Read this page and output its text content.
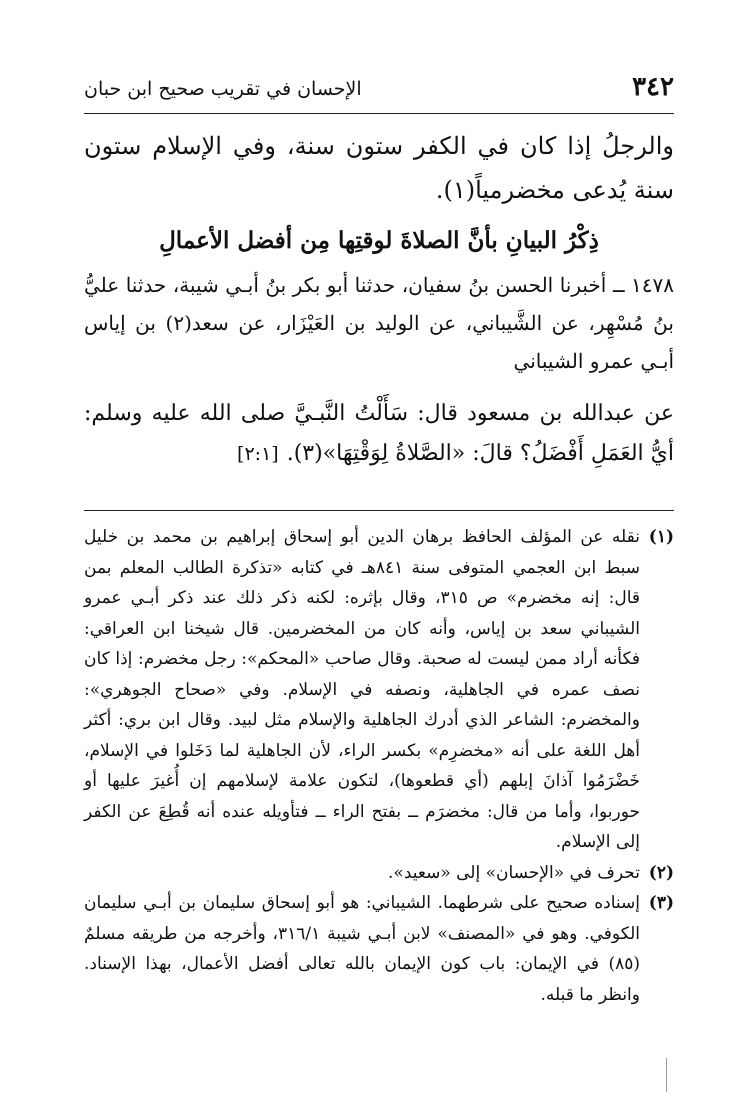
٣٤٢
الإحسان في تقريب صحيح ابن حبان

والرجلُ إذا كان في الكفر ستون سنة، وفي الإسلام ستون سنة يُدعى مخضرمياً(١).

ذِكْرُ البيانِ بأنَّ الصلاةَ لوقتِها مِن أفضل الأعمالِ

١٤٧٨ ــ أخبرنا الحسن بنُ سفيان، حدثنا أبو بكر بنُ أبـي شيبة، حدثنا عليُّ بنُ مُسْهِر، عن الشَّيباني، عن الوليد بن العَيْزَار، عن سعد(٢) بن إياس أبـي عمرو الشيباني

عن عبدالله بن مسعود قال: سَأَلْتُ النَّبـيَّ صلى الله عليه وسلم: أيُّ العَمَلِ أَفْضَلُ؟ قالَ: «الصَّلاةُ لِوَقْتِهَا»(٣).[٢:١]

(١)
نقله عن المؤلف الحافظ برهان الدين أبو إسحاق إبراهيم بن محمد بن خليل سبط ابن العجمي المتوفى سنة ٨٤١هـ في كتابه «تذكرة الطالب المعلم بمن قال: إنه مخضرم» ص ٣١٥، وقال بإثره: لكنه ذكر ذلك عند ذكر أبـي عمرو الشيباني سعد بن إياس، وأنه كان من المخضرمين. قال شيخنا ابن العراقي: فكأنه أراد ممن ليست له صحبة. وقال صاحب «المحكم»: رجل مخضرم: إذا كان نصف عمره في الجاهلية، ونصفه في الإسلام. وفي «صحاح الجوهري»: والمخضرم: الشاعر الذي أدرك الجاهلية والإسلام مثل لبيد. وقال ابن بري: أكثر أهل اللغة على أنه «مخضرِم» بكسر الراء، لأن الجاهلية لما دَخَلوا في الإسلام، خَضْرَمُوا آذانَ إبلهم (أي قطعوها)، لتكون علامة لإسلامهم إن أُغيرَ عليها أو حوربوا، وأما من قال: مخضرَم ــ بفتح الراء ــ فتأويله عنده أنه قُطِعَ عن الكفر إلى الإسلام.
(٢)
تحرف في «الإحسان» إلى «سعيد».
(٣)
إسناده صحيح على شرطهما. الشيباني: هو أبو إسحاق سليمان بن أبـي سليمان الكوفي. وهو في «المصنف» لابن أبـي شيبة ٣١٦/١، وأخرجه من طريقه مسلمٌ (٨٥) في الإيمان: باب كون الإيمان بالله تعالى أفضل الأعمال، بهذا الإسناد. وانظر ما قبله.
